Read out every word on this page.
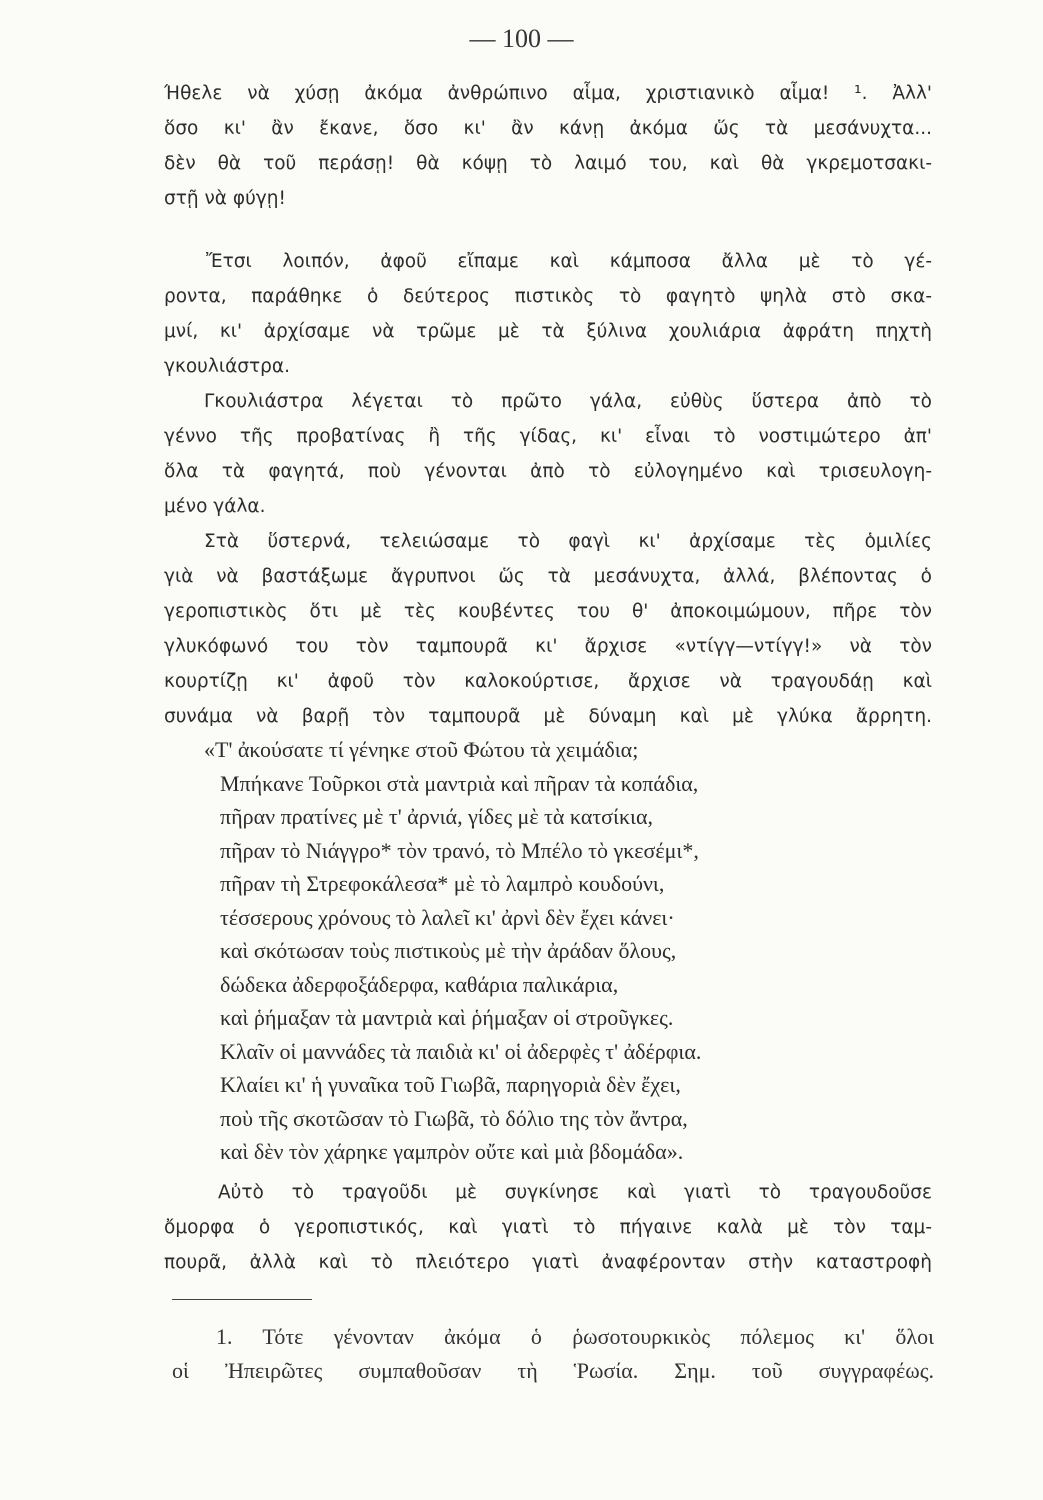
— 100 —
Ήθελε νὰ χύσῃ ἀκόμα ἀνθρώπινο αἷμα, χριστιανικὸ αἷμα! ¹. Ἀλλ'
ὅσο κι' ἂν ἔκανε, ὅσο κι' ἂν κάνῃ ἀκόμα ὥς τὰ μεσάνυχτα...
δὲν θὰ τοῦ περάσῃ! θὰ κόψῃ τὸ λαιμό του, καὶ θὰ γκρεμοτσακι-
στῇ νὰ φύγῃ!
Ἔτσι λοιπόν, ἀφοῦ εἴπαμε καὶ κάμποσα ἄλλα μὲ τὸ γέ-
ροντα, παράθηκε ὁ δεύτερος πιστικὸς τὸ φαγητὸ ψηλὰ στὸ σκα-
μνί, κι' ἀρχίσαμε νὰ τρῶμε μὲ τὰ ξύλινα χουλιάρια ἀφράτη πηχτὴ
γκουλιάστρα.
Γκουλιάστρα λέγεται τὸ πρῶτο γάλα, εὐθὺς ὕστερα ἀπὸ τὸ
γέννο τῆς προβατίνας ἢ τῆς γίδας, κι' εἶναι τὸ νοστιμώτερο ἀπ'
ὅλα τὰ φαγητά, ποὺ γένονται ἀπὸ τὸ εὐλογημένο καὶ τρισευλογη-
μένο γάλα.
Στὰ ὕστερνά, τελειώσαμε τὸ φαγὶ κι' ἀρχίσαμε τὲς ὁμιλίες
γιὰ νὰ βαστάξωμε ἄγρυπνοι ὥς τὰ μεσάνυχτα, ἀλλά, βλέποντας ὁ
γεροπιστικὸς ὅτι μὲ τὲς κουβέντες του θ' ἀποκοιμώμουν, πῆρε τὸν
γλυκόφωνό του τὸν ταμπουρᾶ κι' ἄρχισε «ντίγγ—ντίγγ!» νὰ τὸν
κουρτίζῃ κι' ἀφοῦ τὸν καλοκούρτισε, ἄρχισε νὰ τραγουδάῃ καὶ
συνάμα νὰ βαρῇ τὸν ταμπουρᾶ μὲ δύναμη καὶ μὲ γλύκα ἄρρητη.
«Τ' ἀκούσατε τί γένηκε στοῦ Φώτου τὰ χειμάδια;
Μπήκανε Τοῦρκοι στὰ μαντριὰ καὶ πῆραν τὰ κοπάδια,
πῆραν πρατίνες μὲ τ' ἀρνιά, γίδες μὲ τὰ κατσίκια,
πῆραν τὸ Νιάγγρο* τὸν τρανό, τὸ Μπέλο τὸ γκεσέμι*,
πῆραν τὴ Στρεφοκάλεσα* μὲ τὸ λαμπρὸ κουδούνι,
τέσσερους χρόνους τὸ λαλεῖ κι' ἀρνὶ δὲν ἔχει κάνει·
καὶ σκότωσαν τοὺς πιστικοὺς μὲ τὴν ἀράδαν ὅλους,
δώδεκα ἀδερφοξάδερφα, καθάρια παλικάρια,
καὶ ῥήμαξαν τὰ μαντριὰ καὶ ῥήμαξαν οἱ στροῦγκες.
Κλαῖν οἱ μαννάδες τὰ παιδιὰ κι' οἱ ἀδερφὲς τ' ἀδέρφια.
Κλαίει κι' ἡ γυναῖκα τοῦ Γιωβᾶ, παρηγοριὰ δὲν ἔχει,
ποὺ τῆς σκοτῶσαν τὸ Γιωβᾶ, τὸ δόλιο της τὸν ἄντρα,
καὶ δὲν τὸν χάρηκε γαμπρὸν οὔτε καὶ μιὰ βδομάδα».
Αὐτὸ τὸ τραγοῦδι μὲ συγκίνησε καὶ γιατὶ τὸ τραγουδοῦσε
ὄμορφα ὁ γεροπιστικός, καὶ γιατὶ τὸ πήγαινε καλὰ μὲ τὸν ταμ-
πουρᾶ, ἀλλὰ καὶ τὸ πλειότερο γιατὶ ἀναφέρονταν στὴν καταστροφὴ
1. Τότε γένονταν ἀκόμα ὁ ῥωσοτουρκικὸς πόλεμος κι' ὅλοι
οἱ Ἠπειρῶτες συμπαθοῦσαν τὴ Ῥωσία. Σημ. τοῦ συγγραφέως.
